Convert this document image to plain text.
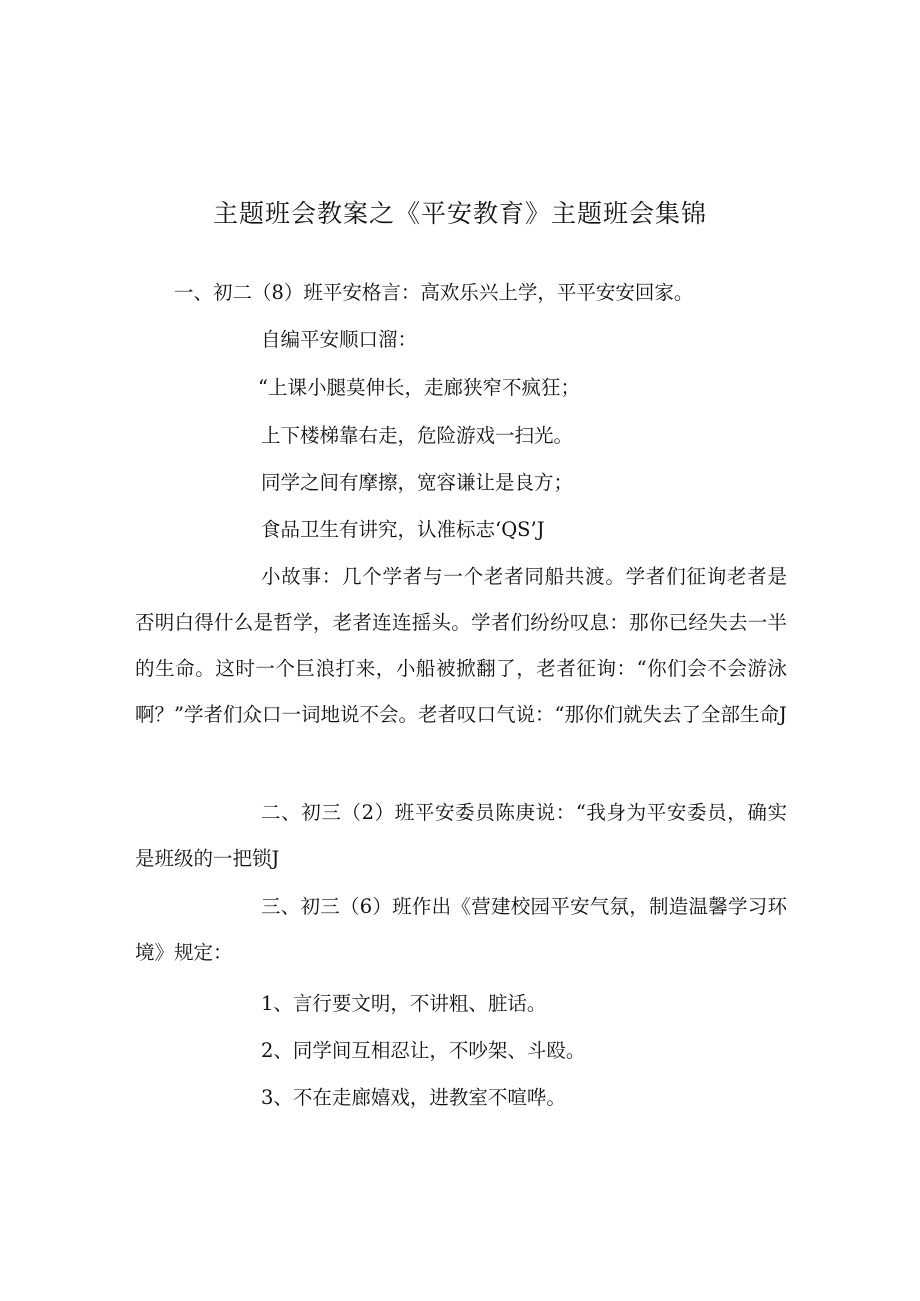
主题班会教案之《平安教育》主题班会集锦
一、初二（8）班平安格言：高欢乐兴上学，平平安安回家。
自编平安顺口溜：
“上课小腿莫伸长，走廊狭窄不疯狂；
上下楼梯靠右走，危险游戏一扫光。
同学之间有摩擦，宽容谦让是良方；
食品卫生有讲究，认准标志‘QS’J
小故事：几个学者与一个老者同船共渡。学者们征询老者是否明白得什么是哲学，老者连连摇头。学者们纷纷叹息：那你已经失去一半的生命。这时一个巨浪打来，小船被掀翻了，老者征询：“你们会不会游泳啊？”学者们众口一词地说不会。老者叹口气说：“那你们就失去了全部生命J
二、初三（2）班平安委员陈庚说：“我身为平安委员，确实是班级的一把锁J
三、初三（6）班作出《营建校园平安气氛，制造温馨学习环境》规定：
1、言行要文明，不讲粗、脏话。
2、同学间互相忍让，不吵架、斗殴。
3、不在走廊嬉戏，进教室不喧哗。
